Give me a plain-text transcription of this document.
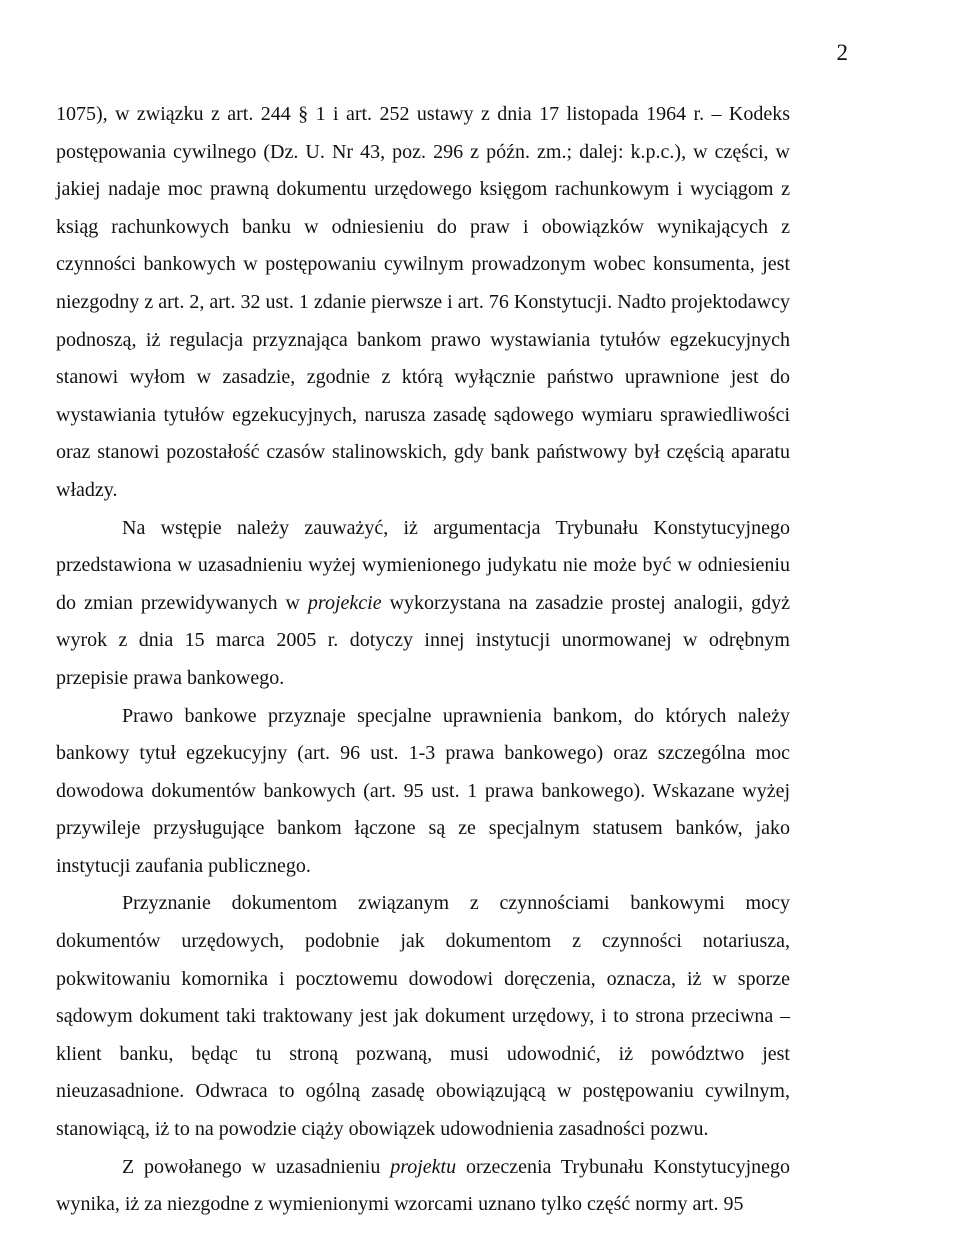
2

1075), w związku z art. 244 § 1 i art. 252 ustawy z dnia 17 listopada 1964 r. – Kodeks postępowania cywilnego (Dz. U. Nr 43, poz. 296 z późn. zm.; dalej: k.p.c.), w części, w jakiej nadaje moc prawną dokumentu urzędowego księgom rachunkowym i wyciągom z ksiąg rachunkowych banku w odniesieniu do praw i obowiązków wynikających z czynności bankowych w postępowaniu cywilnym prowadzonym wobec konsumenta, jest niezgodny z art. 2, art. 32 ust. 1 zdanie pierwsze i art. 76 Konstytucji. Nadto projektodawcy podnoszą, iż regulacja przyznająca bankom prawo wystawiania tytułów egzekucyjnych stanowi wyłom w zasadzie, zgodnie z którą wyłącznie państwo uprawnione jest do wystawiania tytułów egzekucyjnych, narusza zasadę sądowego wymiaru sprawiedliwości oraz stanowi pozostałość czasów stalinowskich, gdy bank państwowy był częścią aparatu władzy.

Na wstępie należy zauważyć, iż argumentacja Trybunału Konstytucyjnego przedstawiona w uzasadnieniu wyżej wymienionego judykatu nie może być w odniesieniu do zmian przewidywanych w projekcie wykorzystana na zasadzie prostej analogii, gdyż wyrok z dnia 15 marca 2005 r. dotyczy innej instytucji unormowanej w odrębnym przepisie prawa bankowego.

Prawo bankowe przyznaje specjalne uprawnienia bankom, do których należy bankowy tytuł egzekucyjny (art. 96 ust. 1-3 prawa bankowego) oraz szczególna moc dowodowa dokumentów bankowych (art. 95 ust. 1 prawa bankowego). Wskazane wyżej przywileje przysługujące bankom łączone są ze specjalnym statusem banków, jako instytucji zaufania publicznego.

Przyznanie dokumentom związanym z czynnościami bankowymi mocy dokumentów urzędowych, podobnie jak dokumentom z czynności notariusza, pokwitowaniu komornika i pocztowemu dowodowi doręczenia, oznacza, iż w sporze sądowym dokument taki traktowany jest jak dokument urzędowy, i to strona przeciwna – klient banku, będąc tu stroną pozwaną, musi udowodnić, iż powództwo jest nieuzasadnione. Odwraca to ogólną zasadę obowiązującą w postępowaniu cywilnym, stanowiącą, iż to na powodzie ciąży obowiązek udowodnienia zasadności pozwu.

Z powołanego w uzasadnieniu projektu orzeczenia Trybunału Konstytucyjnego wynika, iż za niezgodne z wymienionymi wzorcami uznano tylko część normy art. 95
